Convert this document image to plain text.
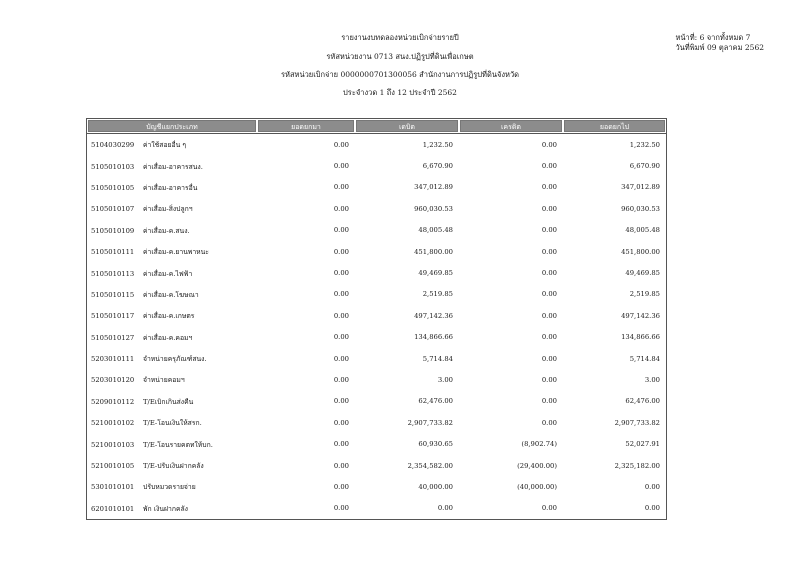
รายงานงบทดลองหน่วยเบิกจ่ายรายปี
รหัสหน่วยงาน 0713 สนง.ปฏิรูปที่ดินเพื่อเกษต
รหัสหน่วยเบิกจ่าย 0000000701300056 สำนักงานการปฏิรูปที่ดินจังหวัด
ประจำงวด 1 ถึง 12 ประจำปี 2562
หน้าที่: 6 จากทั้งหมด 7
วันที่พิมพ์ 09 ตุลาคม 2562
บัญชีแยกประเภท	ยอดยกมา	เดบิต	เครดิต	ยอดยกไป
5104030299 ค่าใช้สอยอื่น ๆ	0.00	1,232.50	0.00	1,232.50
5105010103 ค่าเสื่อม-อาคารสนง.	0.00	6,670.90	0.00	6,670.90
5105010105 ค่าเสื่อม-อาคารอื่น	0.00	347,012.89	0.00	347,012.89
5105010107 ค่าเสื่อม-สิ่งปลูกฯ	0.00	960,030.53	0.00	960,030.53
5105010109 ค่าเสื่อม-ค.สนง.	0.00	48,005.48	0.00	48,005.48
5105010111 ค่าเสื่อม-ค.ยานพาหนะ	0.00	451,800.00	0.00	451,800.00
5105010113 ค่าเสื่อม-ค.ไฟฟ้า	0.00	49,469.85	0.00	49,469.85
5105010115 ค่าเสื่อม-ค.โฆษณา	0.00	2,519.85	0.00	2,519.85
5105010117 ค่าเสื่อม-ค.เกษตร	0.00	497,142.36	0.00	497,142.36
5105010127 ค่าเสื่อม-ค.คอมฯ	0.00	134,866.66	0.00	134,866.66
5203010111 จำหน่ายครุภัณฑ์สนง.	0.00	5,714.84	0.00	5,714.84
5203010120 จำหน่ายคอมฯ	0.00	3.00	0.00	3.00
5209010112 T/Eเบิกเกินส่งคืน	0.00	62,476.00	0.00	62,476.00
5210010102 T/E-โอนเงินให้สรก.	0.00	2,907,733.82	0.00	2,907,733.82
5210010103 T/E-โอนรายคตทให้บก.	0.00	60,930.65	(8,902.74)	52,027.91
5210010105 T/E-ปรับเงินฝากคลัง	0.00	2,354,582.00	(29,400.00)	2,325,182.00
5301010101 ปรับหมวดรายจ่าย	0.00	40,000.00	(40,000.00)	0.00
6201010101 พัก เงินฝากคลัง	0.00	0.00	0.00	0.00
